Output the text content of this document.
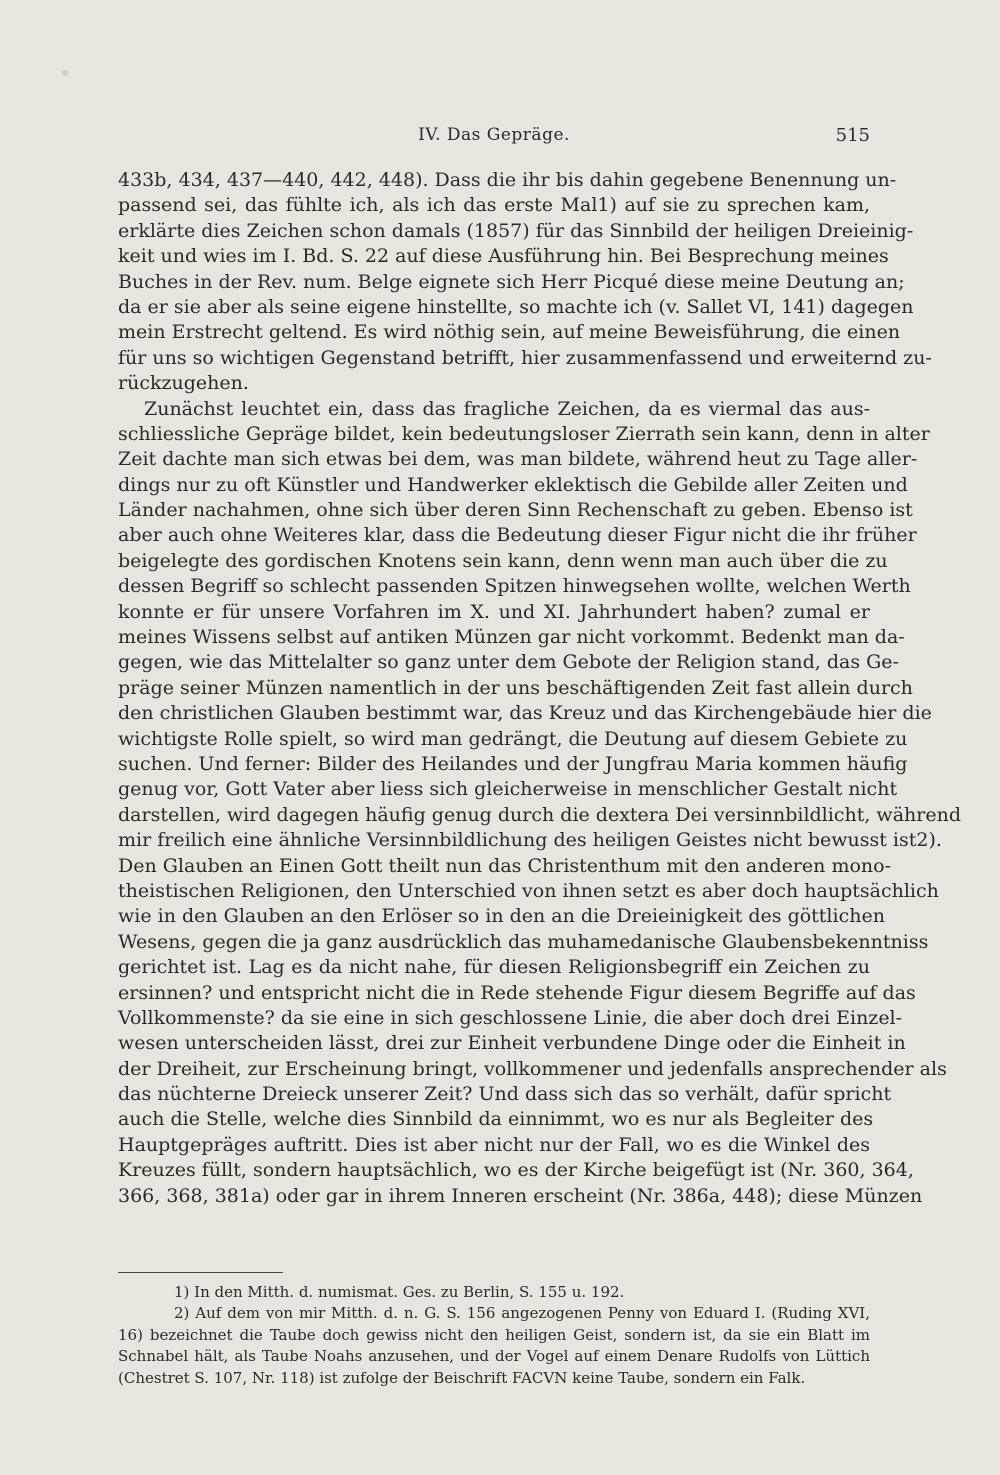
IV. Das Gepräge.	515
433b, 434, 437—440, 442, 448). Dass die ihr bis dahin gegebene Benennung un-
passend sei, das fühlte ich, als ich das erste Mal1) auf sie zu sprechen kam,
erklärte dies Zeichen schon damals (1857) für das Sinnbild der heiligen Dreieinig-
keit und wies im I. Bd. S. 22 auf diese Ausführung hin. Bei Besprechung meines
Buches in der Rev. num. Belge eignete sich Herr Picqué diese meine Deutung an;
da er sie aber als seine eigene hinstellte, so machte ich (v. Sallet VI, 141) dagegen
mein Erstrecht geltend. Es wird nöthig sein, auf meine Beweisführung, die einen
für uns so wichtigen Gegenstand betrifft, hier zusammenfassend und erweiternd zu-
rückzugehen.
Zunächst leuchtet ein, dass das fragliche Zeichen, da es viermal das aus-
schliessliche Gepräge bildet, kein bedeutungsloser Zierrath sein kann, denn in alter
Zeit dachte man sich etwas bei dem, was man bildete, während heut zu Tage aller-
dings nur zu oft Künstler und Handwerker eklektisch die Gebilde aller Zeiten und
Länder nachahmen, ohne sich über deren Sinn Rechenschaft zu geben. Ebenso ist
aber auch ohne Weiteres klar, dass die Bedeutung dieser Figur nicht die ihr früher
beigelegte des gordischen Knotens sein kann, denn wenn man auch über die zu
dessen Begriff so schlecht passenden Spitzen hinwegsehen wollte, welchen Werth
konnte er für unsere Vorfahren im X. und XI. Jahrhundert haben? zumal er
meines Wissens selbst auf antiken Münzen gar nicht vorkommt. Bedenkt man da-
gegen, wie das Mittelalter so ganz unter dem Gebote der Religion stand, das Ge-
präge seiner Münzen namentlich in der uns beschäftigenden Zeit fast allein durch
den christlichen Glauben bestimmt war, das Kreuz und das Kirchengebäude hier die
wichtigste Rolle spielt, so wird man gedrängt, die Deutung auf diesem Gebiete zu
suchen. Und ferner: Bilder des Heilandes und der Jungfrau Maria kommen häufig
genug vor, Gott Vater aber liess sich gleicherweise in menschlicher Gestalt nicht
darstellen, wird dagegen häufig genug durch die dextera Dei versinnbildlicht, während
mir freilich eine ähnliche Versinnbildlichung des heiligen Geistes nicht bewusst ist2).
Den Glauben an Einen Gott theilt nun das Christenthum mit den anderen mono-
theistischen Religionen, den Unterschied von ihnen setzt es aber doch hauptsächlich
wie in den Glauben an den Erlöser so in den an die Dreieinigkeit des göttlichen
Wesens, gegen die ja ganz ausdrücklich das muhamedanische Glaubensbekenntniss
gerichtet ist. Lag es da nicht nahe, für diesen Religionsbegriff ein Zeichen zu
ersinnen? und entspricht nicht die in Rede stehende Figur diesem Begriffe auf das
Vollkommenste? da sie eine in sich geschlossene Linie, die aber doch drei Einzel-
wesen unterscheiden lässt, drei zur Einheit verbundene Dinge oder die Einheit in
der Dreiheit, zur Erscheinung bringt, vollkommener und jedenfalls ansprechender als
das nüchterne Dreieck unserer Zeit? Und dass sich das so verhält, dafür spricht
auch die Stelle, welche dies Sinnbild da einnimmt, wo es nur als Begleiter des
Hauptgepräges auftritt. Dies ist aber nicht nur der Fall, wo es die Winkel des
Kreuzes füllt, sondern hauptsächlich, wo es der Kirche beigefügt ist (Nr. 360, 364,
366, 368, 381a) oder gar in ihrem Inneren erscheint (Nr. 386a, 448); diese Münzen
1) In den Mitth. d. numismat. Ges. zu Berlin, S. 155 u. 192.
2) Auf dem von mir Mitth. d. n. G. S. 156 angezogenen Penny von Eduard I. (Ruding XVI,
16) bezeichnet die Taube doch gewiss nicht den heiligen Geist, sondern ist, da sie ein Blatt im
Schnabel hält, als Taube Noahs anzusehen, und der Vogel auf einem Denare Rudolfs von Lüttich
(Chestret S. 107, Nr. 118) ist zufolge der Beischrift FACVN keine Taube, sondern ein Falk.
